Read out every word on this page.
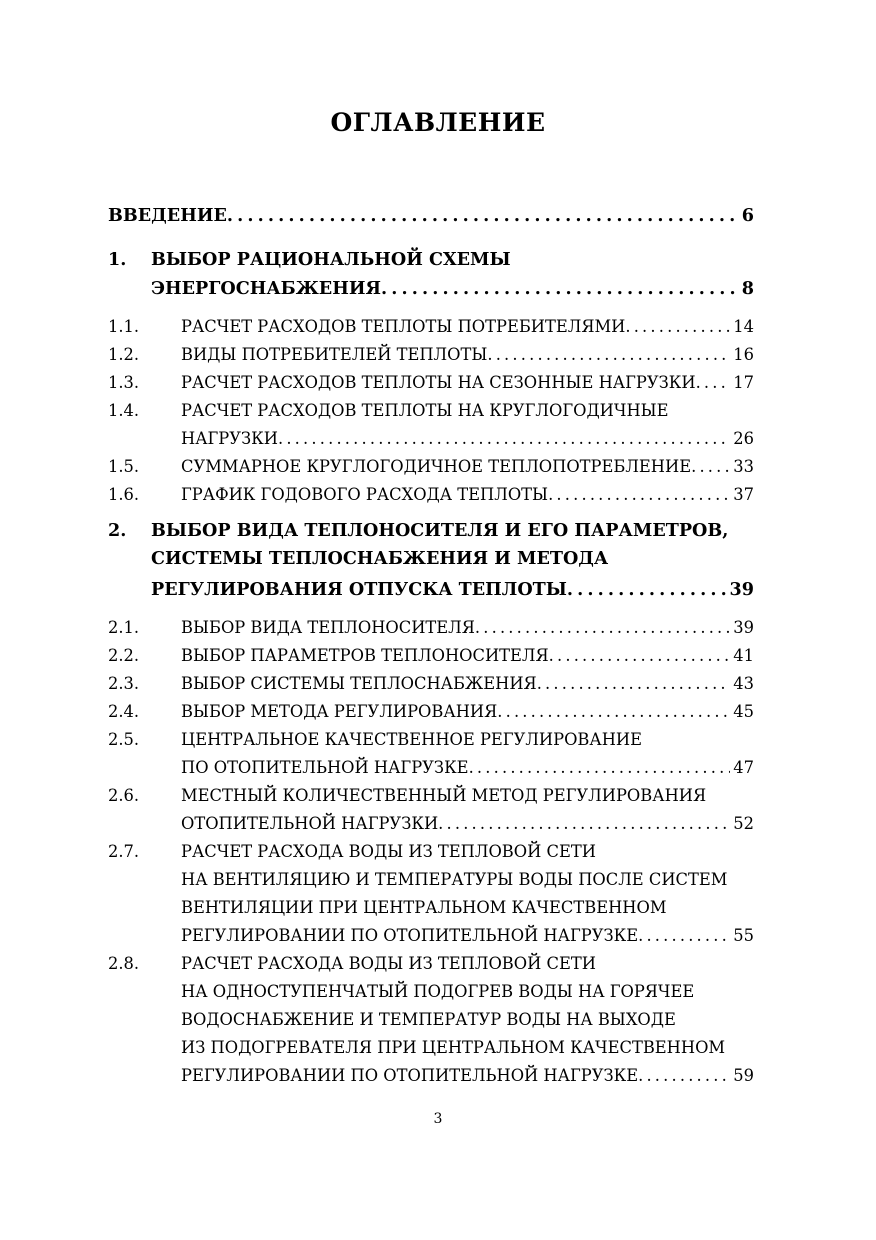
ОГЛАВЛЕНИЕ
ВВЕДЕНИЕ . . .	6
1.	ВЫБОР РАЦИОНАЛЬНОЙ СХЕМЫ
ЭНЕРГОСНАБЖЕНИЯ . . .	8
1.1.	РАСЧЕТ РАСХОДОВ ТЕПЛОТЫ ПОТРЕБИТЕЛЯМИ . . .	14
1.2.	ВИДЫ ПОТРЕБИТЕЛЕЙ ТЕПЛОТЫ . . .	16
1.3.	РАСЧЕТ РАСХОДОВ ТЕПЛОТЫ НА СЕЗОННЫЕ НАГРУЗКИ . . . 17
1.4.	РАСЧЕТ РАСХОДОВ ТЕПЛОТЫ НА КРУГЛОГОДИЧНЫЕ
НАГРУЗКИ . . .	26
1.5.	СУММАРНОЕ КРУГЛОГОДИЧНОЕ ТЕПЛОПОТРЕБЛЕНИЕ . . .	33
1.6.	ГРАФИК ГОДОВОГО РАСХОДА ТЕПЛОТЫ . . .	37
2.	ВЫБОР ВИДА ТЕПЛОНОСИТЕЛЯ И ЕГО ПАРАМЕТРОВ,
СИСТЕМЫ ТЕПЛОСНАБЖЕНИЯ И МЕТОДА
РЕГУЛИРОВАНИЯ ОТПУСКА ТЕПЛОТЫ . . .	39
2.1.	ВЫБОР ВИДА ТЕПЛОНОСИТЕЛЯ . . .	39
2.2.	ВЫБОР ПАРАМЕТРОВ ТЕПЛОНОСИТЕЛЯ . . .	41
2.3.	ВЫБОР СИСТЕМЫ ТЕПЛОСНАБЖЕНИЯ . . .	43
2.4.	ВЫБОР МЕТОДА РЕГУЛИРОВАНИЯ . . .	45
2.5.	ЦЕНТРАЛЬНОЕ КАЧЕСТВЕННОЕ РЕГУЛИРОВАНИЕ
ПО ОТОПИТЕЛЬНОЙ НАГРУЗКЕ . . .	47
2.6.	МЕСТНЫЙ КОЛИЧЕСТВЕННЫЙ МЕТОД РЕГУЛИРОВАНИЯ
ОТОПИТЕЛЬНОЙ НАГРУЗКИ . . .	52
2.7.	РАСЧЕТ РАСХОДА ВОДЫ ИЗ ТЕПЛОВОЙ СЕТИ
НА ВЕНТИЛЯЦИЮ И ТЕМПЕРАТУРЫ ВОДЫ ПОСЛЕ СИСТЕМ
ВЕНТИЛЯЦИИ ПРИ ЦЕНТРАЛЬНОМ КАЧЕСТВЕННОМ
РЕГУЛИРОВАНИИ ПО ОТОПИТЕЛЬНОЙ НАГРУЗКЕ . . .	55
2.8.	РАСЧЕТ РАСХОДА ВОДЫ ИЗ ТЕПЛОВОЙ СЕТИ
НА ОДНОСТУПЕНЧАТЫЙ ПОДОГРЕВ ВОДЫ НА ГОРЯЧЕЕ
ВОДОСНАБЖЕНИЕ И ТЕМПЕРАТУР ВОДЫ НА ВЫХОДЕ
ИЗ ПОДОГРЕВАТЕЛЯ ПРИ ЦЕНТРАЛЬНОМ КАЧЕСТВЕННОМ
РЕГУЛИРОВАНИИ ПО ОТОПИТЕЛЬНОЙ НАГРУЗКЕ . . .	59
3
